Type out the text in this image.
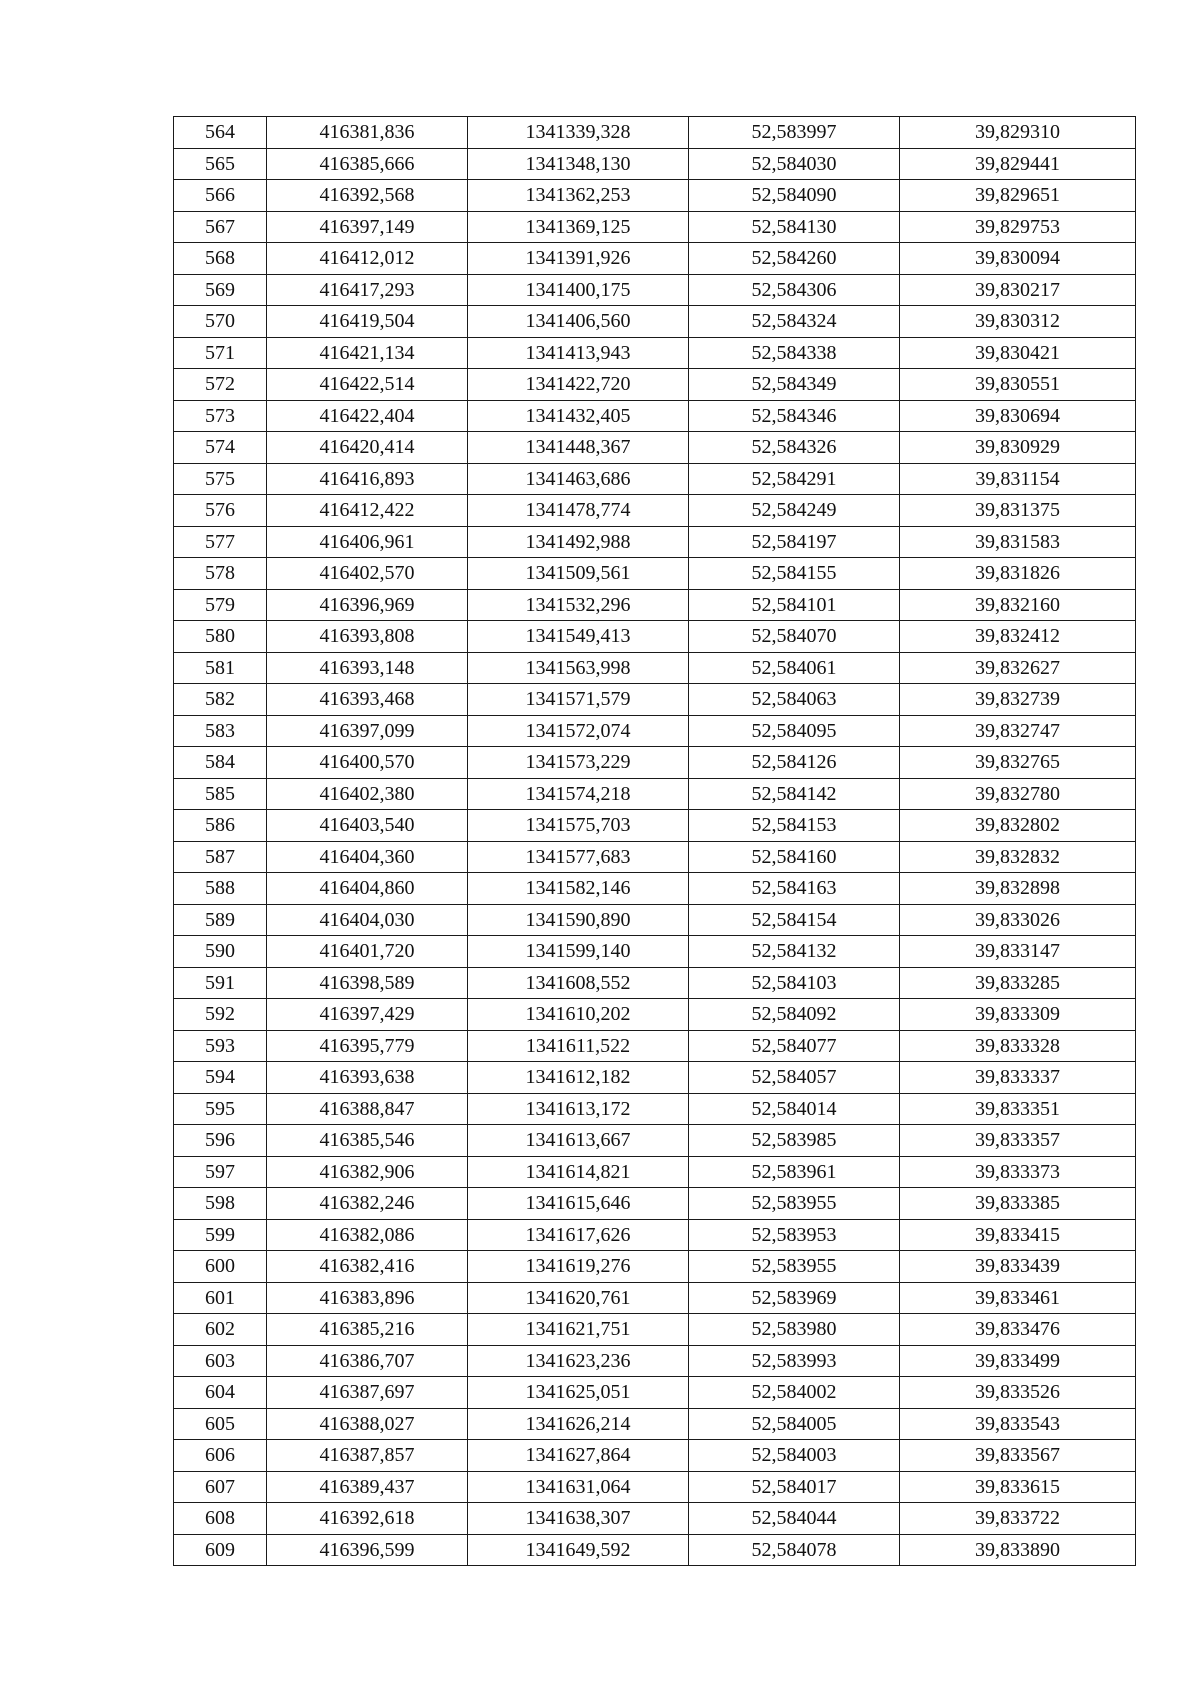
564	416381,836	1341339,328	52,583997	39,829310
565	416385,666	1341348,130	52,584030	39,829441
566	416392,568	1341362,253	52,584090	39,829651
567	416397,149	1341369,125	52,584130	39,829753
568	416412,012	1341391,926	52,584260	39,830094
569	416417,293	1341400,175	52,584306	39,830217
570	416419,504	1341406,560	52,584324	39,830312
571	416421,134	1341413,943	52,584338	39,830421
572	416422,514	1341422,720	52,584349	39,830551
573	416422,404	1341432,405	52,584346	39,830694
574	416420,414	1341448,367	52,584326	39,830929
575	416416,893	1341463,686	52,584291	39,831154
576	416412,422	1341478,774	52,584249	39,831375
577	416406,961	1341492,988	52,584197	39,831583
578	416402,570	1341509,561	52,584155	39,831826
579	416396,969	1341532,296	52,584101	39,832160
580	416393,808	1341549,413	52,584070	39,832412
581	416393,148	1341563,998	52,584061	39,832627
582	416393,468	1341571,579	52,584063	39,832739
583	416397,099	1341572,074	52,584095	39,832747
584	416400,570	1341573,229	52,584126	39,832765
585	416402,380	1341574,218	52,584142	39,832780
586	416403,540	1341575,703	52,584153	39,832802
587	416404,360	1341577,683	52,584160	39,832832
588	416404,860	1341582,146	52,584163	39,832898
589	416404,030	1341590,890	52,584154	39,833026
590	416401,720	1341599,140	52,584132	39,833147
591	416398,589	1341608,552	52,584103	39,833285
592	416397,429	1341610,202	52,584092	39,833309
593	416395,779	1341611,522	52,584077	39,833328
594	416393,638	1341612,182	52,584057	39,833337
595	416388,847	1341613,172	52,584014	39,833351
596	416385,546	1341613,667	52,583985	39,833357
597	416382,906	1341614,821	52,583961	39,833373
598	416382,246	1341615,646	52,583955	39,833385
599	416382,086	1341617,626	52,583953	39,833415
600	416382,416	1341619,276	52,583955	39,833439
601	416383,896	1341620,761	52,583969	39,833461
602	416385,216	1341621,751	52,583980	39,833476
603	416386,707	1341623,236	52,583993	39,833499
604	416387,697	1341625,051	52,584002	39,833526
605	416388,027	1341626,214	52,584005	39,833543
606	416387,857	1341627,864	52,584003	39,833567
607	416389,437	1341631,064	52,584017	39,833615
608	416392,618	1341638,307	52,584044	39,833722
609	416396,599	1341649,592	52,584078	39,833890
